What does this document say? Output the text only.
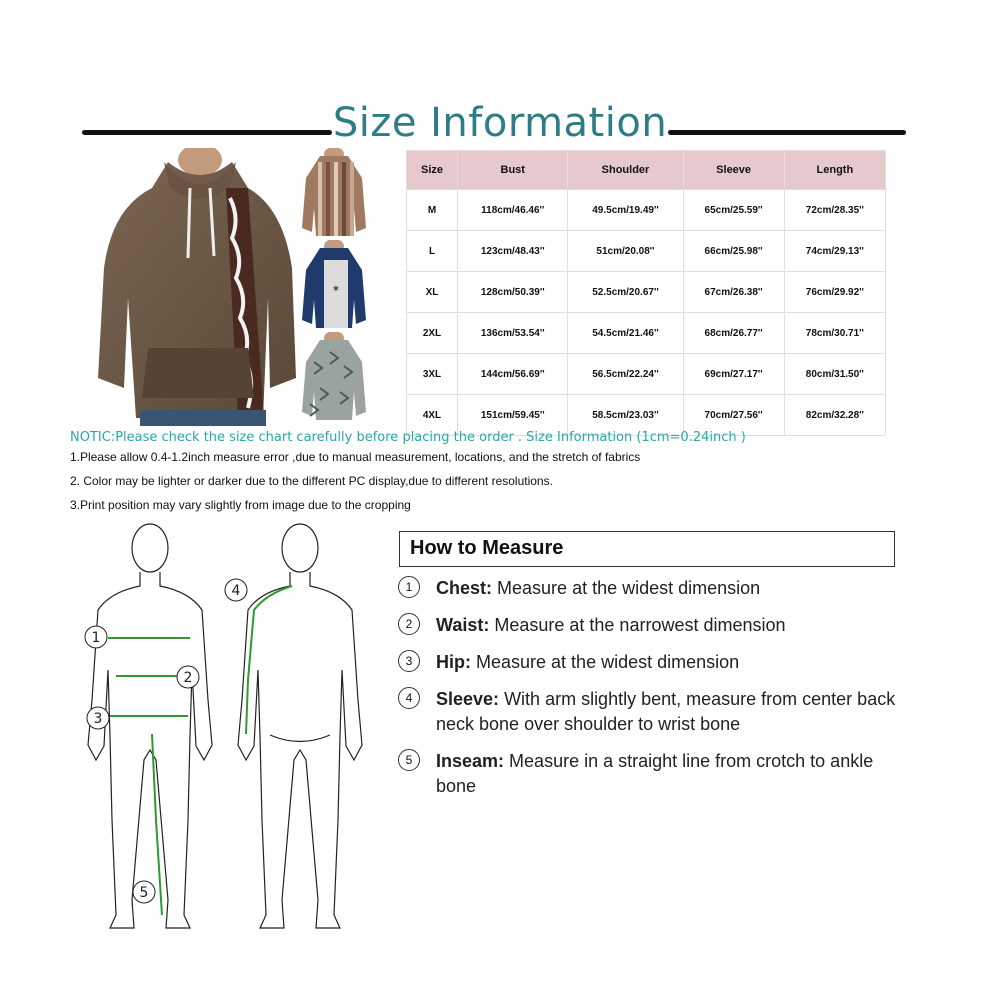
Size Information
✶
Size	Bust	Shoulder	Sleeve	Length
M	118cm/46.46''	49.5cm/19.49''	65cm/25.59''	72cm/28.35''
L	123cm/48.43''	51cm/20.08''	66cm/25.98''	74cm/29.13''
XL	128cm/50.39''	52.5cm/20.67''	67cm/26.38''	76cm/29.92''
2XL	136cm/53.54''	54.5cm/21.46''	68cm/26.77''	78cm/30.71''
3XL	144cm/56.69''	56.5cm/22.24''	69cm/27.17''	80cm/31.50''
4XL	151cm/59.45''	58.5cm/23.03''	70cm/27.56''	82cm/32.28''
NOTIC:Please check the size chart carefully before placing the order . Size Information (1cm=0.24inch )
1.Please allow 0.4-1.2inch measure error ,due to manual measurement, locations, and the stretch of fabrics
2. Color may be lighter or darker due to the different PC display,due to different resolutions.
3.Print position may vary slightly from image due to the cropping
1
2
3
4
5
How to Measure
1	Chest: Measure at the widest dimension
2	Waist: Measure at the narrowest dimension
3	Hip: Measure at the widest dimension
4	Sleeve: With arm slightly bent, measure from center back neck bone over shoulder to wrist bone
5	Inseam: Measure in a straight line from crotch to ankle bone
